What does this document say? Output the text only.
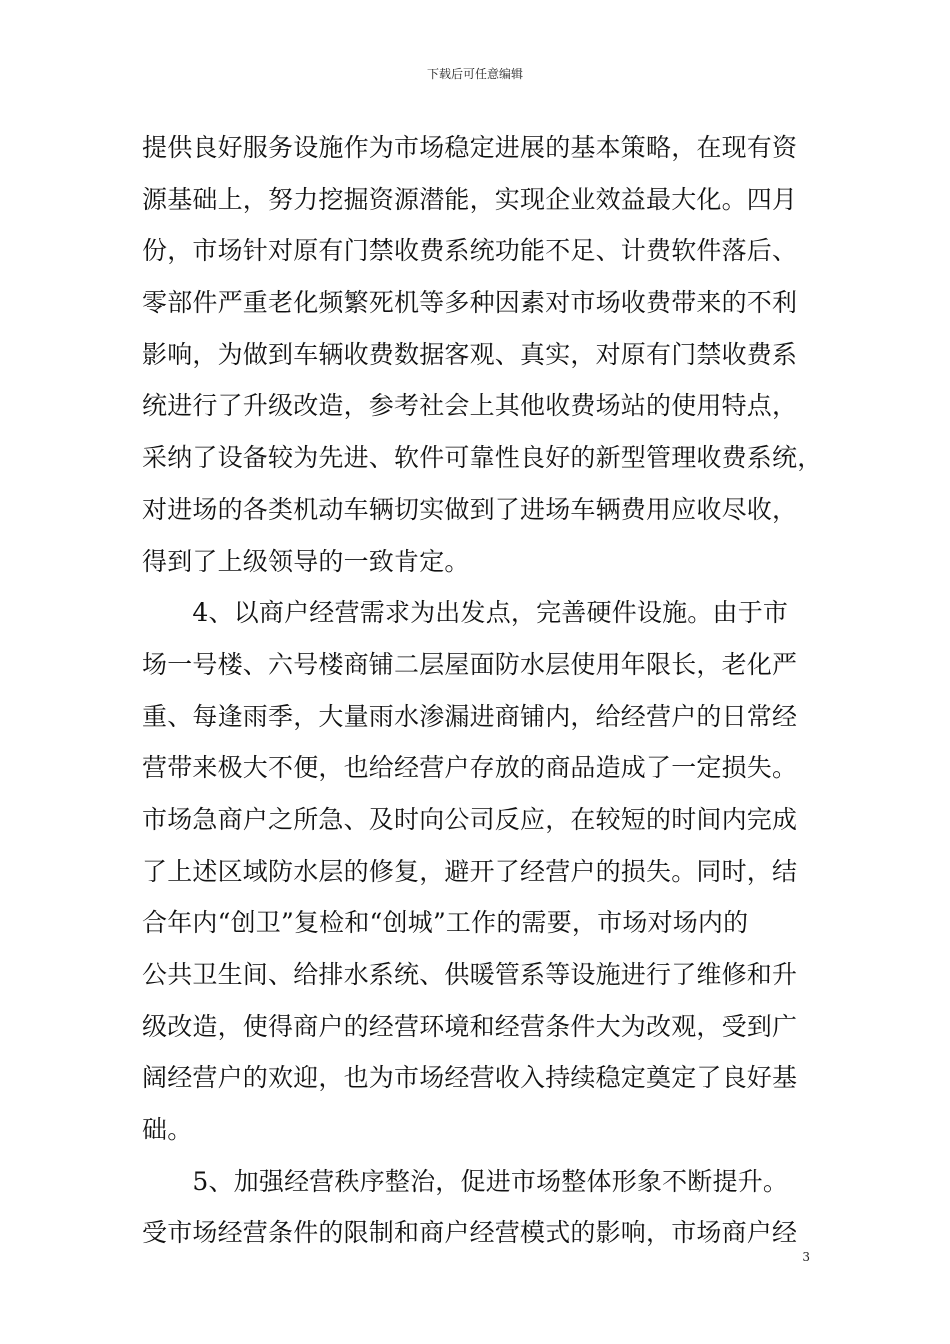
下载后可任意编辑
提供良好服务设施作为市场稳定进展的基本策略，在现有资
源基础上，努力挖掘资源潜能，实现企业效益最大化。四月
份，市场针对原有门禁收费系统功能不足、计费软件落后、
零部件严重老化频繁死机等多种因素对市场收费带来的不利
影响，为做到车辆收费数据客观、真实，对原有门禁收费系
统进行了升级改造，参考社会上其他收费场站的使用特点，
采纳了设备较为先进、软件可靠性良好的新型管理收费系统，
对进场的各类机动车辆切实做到了进场车辆费用应收尽收，
得到了上级领导的一致肯定。
　　4、以商户经营需求为出发点，完善硬件设施。由于市
场一号楼、六号楼商铺二层屋面防水层使用年限长，老化严
重、每逢雨季，大量雨水渗漏进商铺内，给经营户的日常经
营带来极大不便，也给经营户存放的商品造成了一定损失。
市场急商户之所急、及时向公司反应，在较短的时间内完成
了上述区域防水层的修复，避开了经营户的损失。同时，结
合年内“创卫”复检和“创城”工作的需要，市场对场内的
公共卫生间、给排水系统、供暖管系等设施进行了维修和升
级改造，使得商户的经营环境和经营条件大为改观，受到广
阔经营户的欢迎，也为市场经营收入持续稳定奠定了良好基
础。
　　5、加强经营秩序整治，促进市场整体形象不断提升。
受市场经营条件的限制和商户经营模式的影响，市场商户经
3
